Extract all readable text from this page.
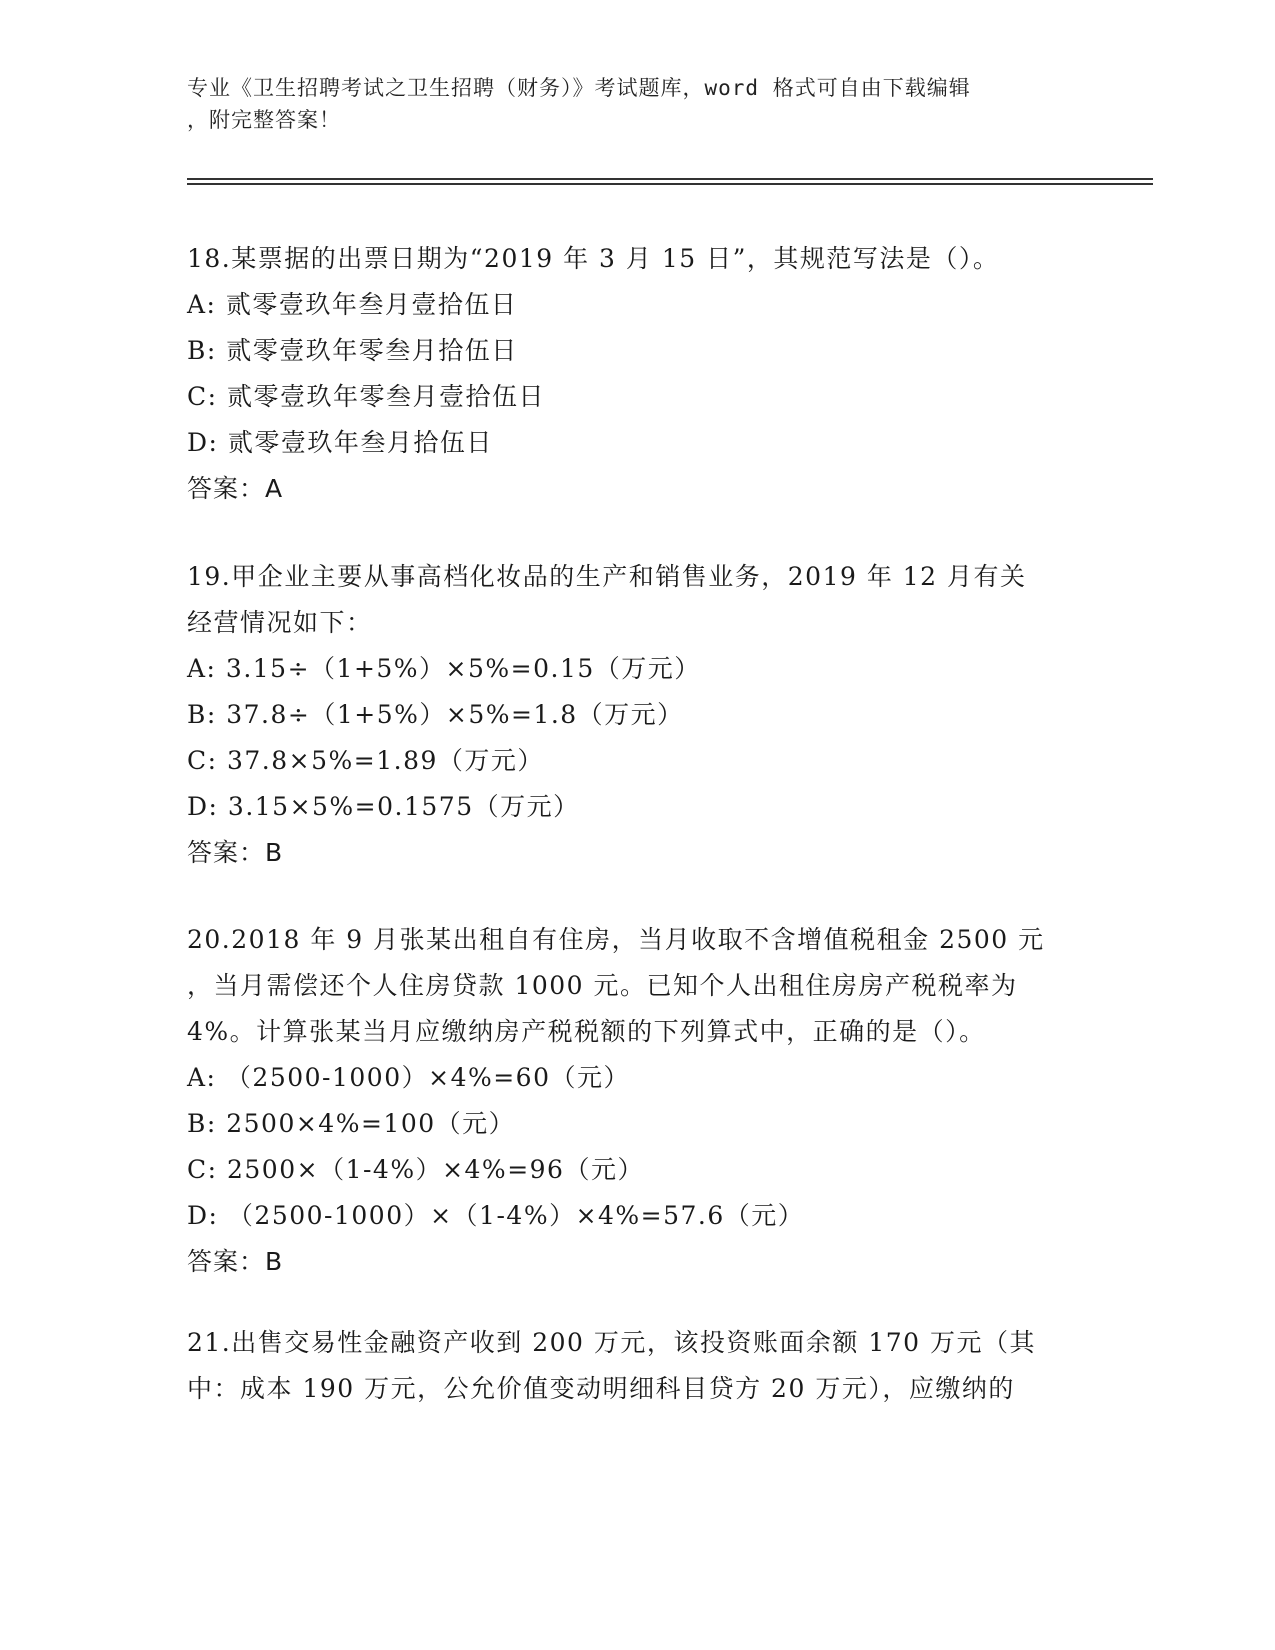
专业《卫生招聘考试之卫生招聘（财务）》考试题库，word 格式可自由下载编辑
，附完整答案！
18.某票据的出票日期为“2019 年 3 月 15 日”，其规范写法是（）。
A: 贰零壹玖年叁月壹拾伍日
B: 贰零壹玖年零叁月拾伍日
C: 贰零壹玖年零叁月壹拾伍日
D: 贰零壹玖年叁月拾伍日
答案：A
19.甲企业主要从事高档化妆品的生产和销售业务，2019 年 12 月有关
经营情况如下：
A: 3.15÷（1+5%）×5%=0.15（万元）
B: 37.8÷（1+5%）×5%=1.8（万元）
C: 37.8×5%=1.89（万元）
D: 3.15×5%=0.1575（万元）
答案：B
20.2018 年 9 月张某出租自有住房，当月收取不含增值税租金 2500 元
，当月需偿还个人住房贷款 1000 元。已知个人出租住房房产税税率为
4%。计算张某当月应缴纳房产税税额的下列算式中，正确的是（）。
A: （2500-1000）×4%=60（元）
B: 2500×4%=100（元）
C: 2500×（1-4%）×4%=96（元）
D: （2500-1000）×（1-4%）×4%=57.6（元）
答案：B
21.出售交易性金融资产收到 200 万元，该投资账面余额 170 万元（其
中：成本 190 万元，公允价值变动明细科目贷方 20 万元），应缴纳的
